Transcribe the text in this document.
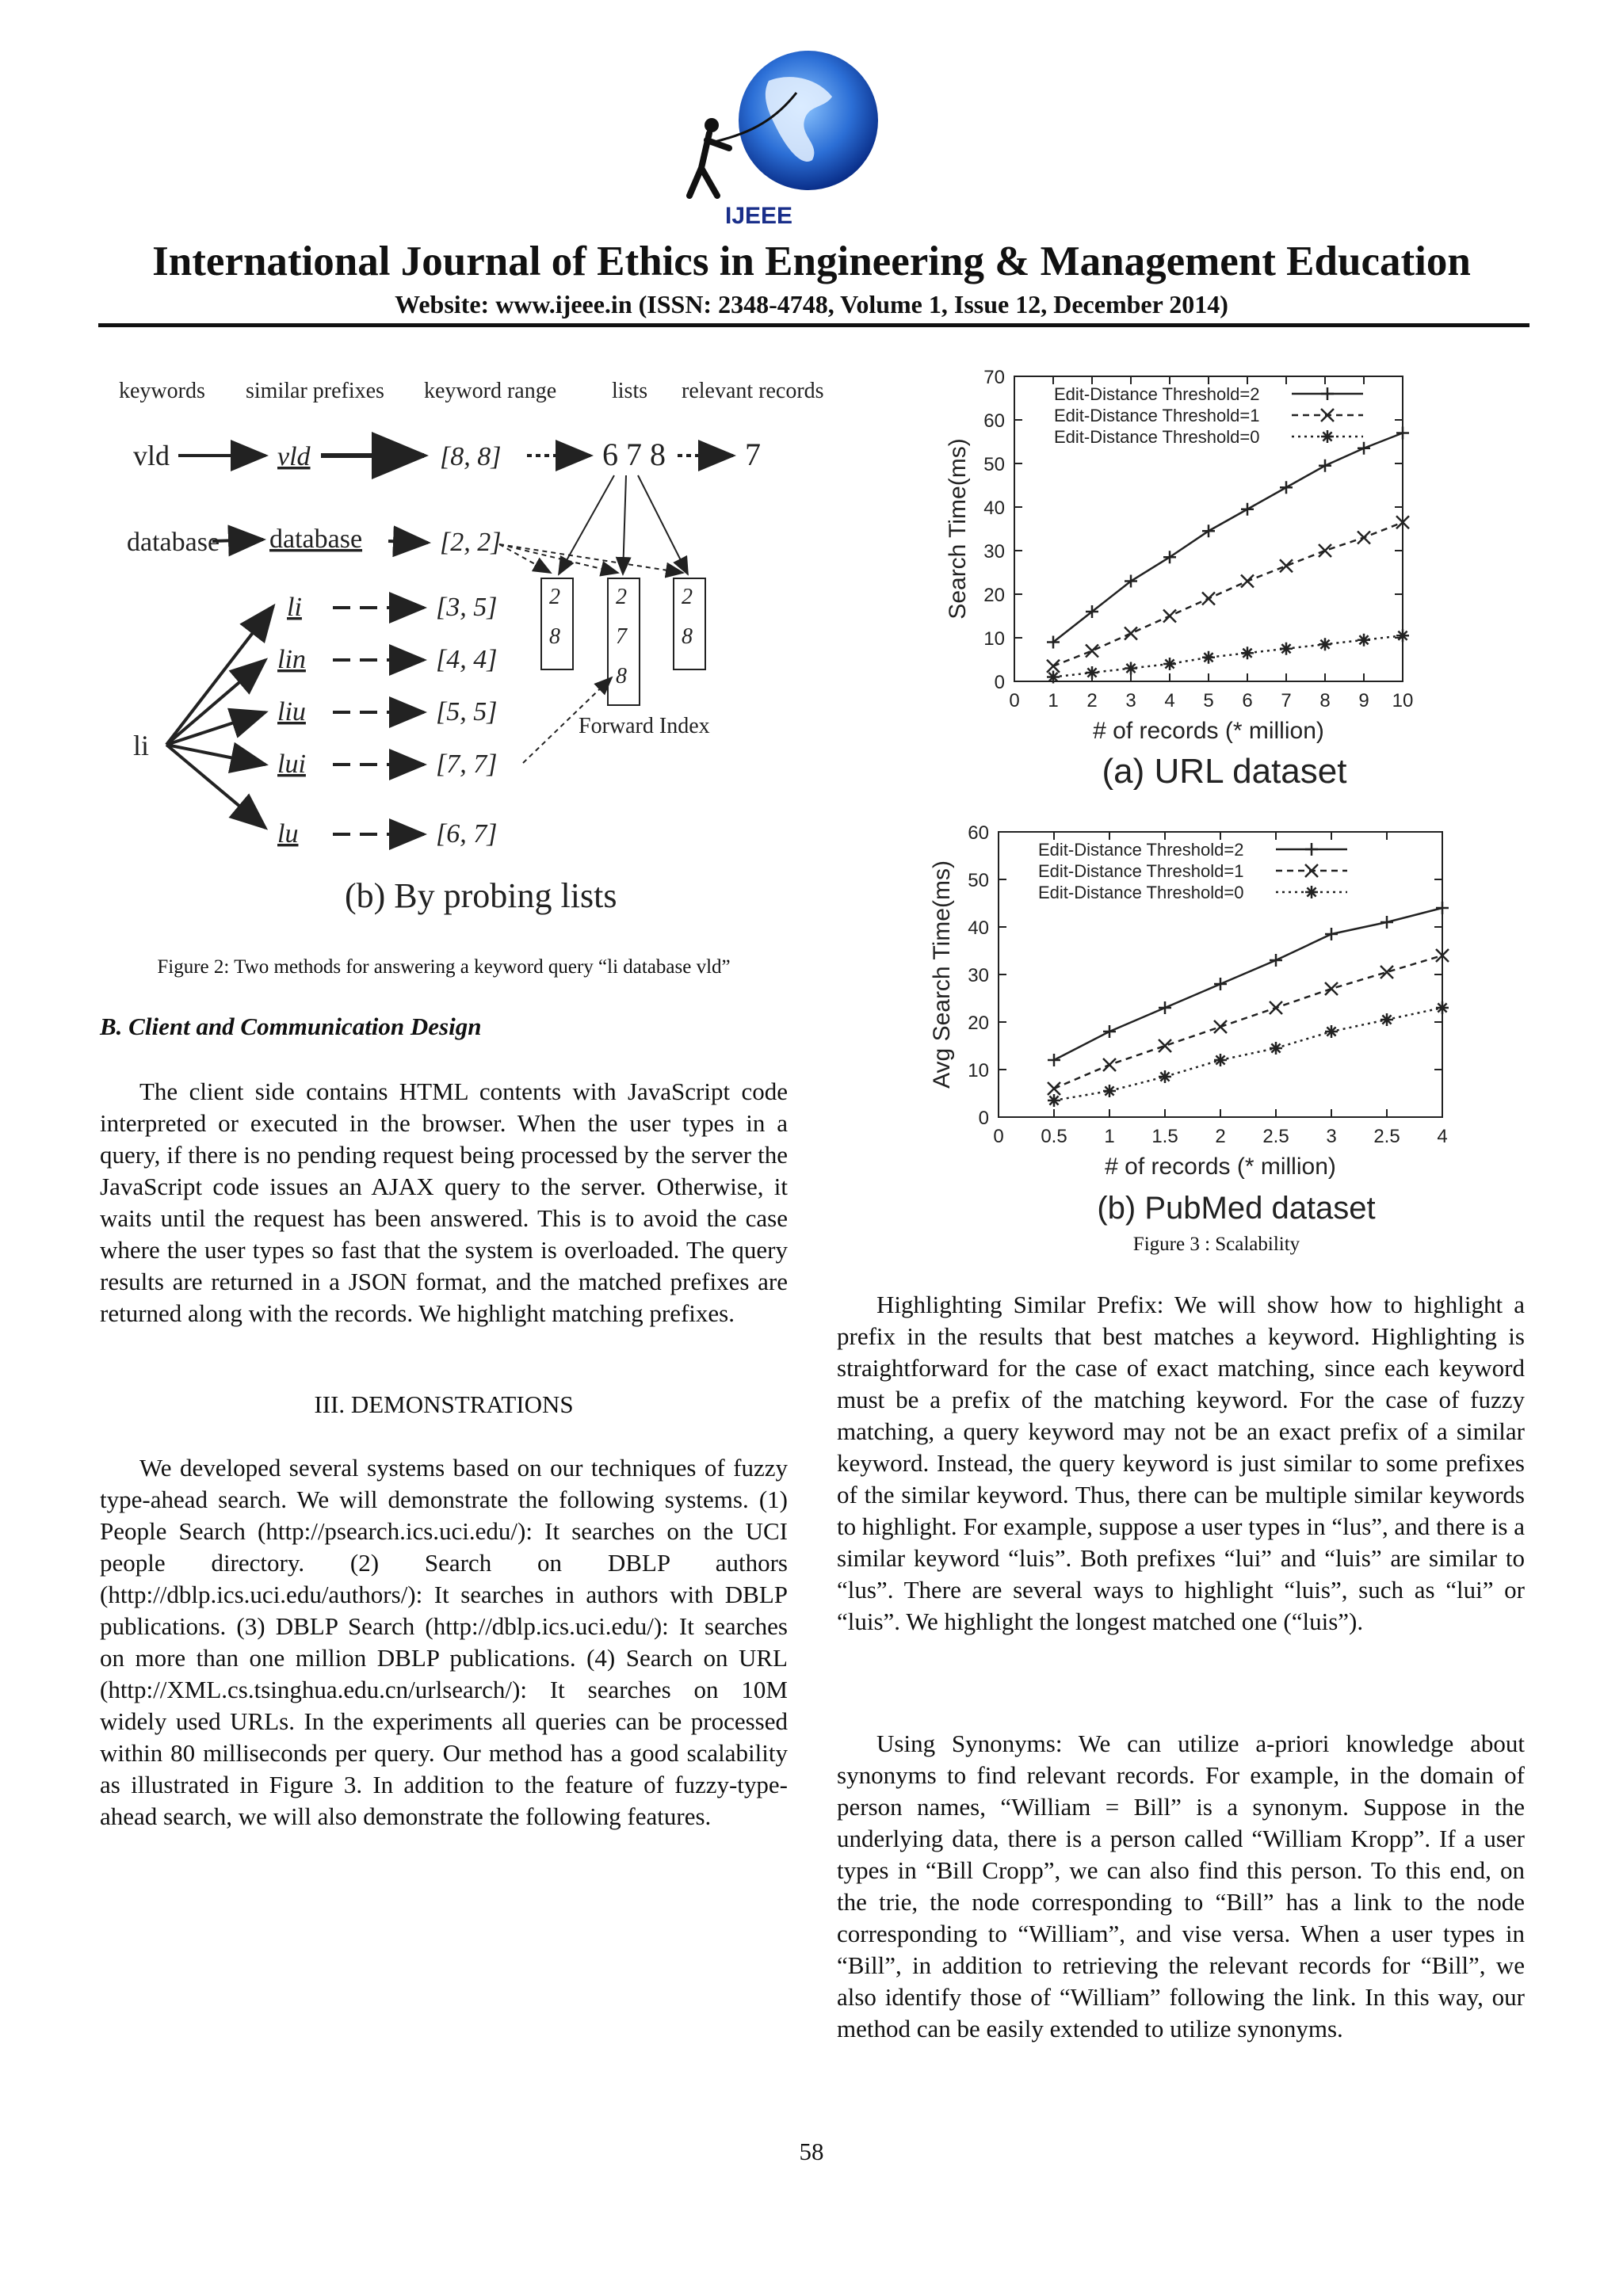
IJEEE
International Journal of Ethics in Engineering & Management Education
Website: www.ijeee.in (ISSN: 2348-4748, Volume 1, Issue 12, December 2014)
keywords similar prefixes keyword range lists relevant records
vld
database
li
vld
database
li
lin
liu
lui
lu
[8, 8]
[2, 2]
[3, 5]
[4, 4]
[5, 5]
[7, 7]
[6, 7]
6 7 8	7
2
8
2
7
8
2
8
Forward Index
(b) By probing lists
Figure 2: Two methods for answering a keyword query “li database vld”
B. Client and Communication Design

The client side contains HTML contents with JavaScript code interpreted or executed in the browser. When the user types in a query, if there is no pending request being processed by the server the JavaScript code issues an AJAX query to the server. Otherwise, it waits until the request has been answered. This is to avoid the case where the user types so fast that the system is overloaded. The query results are returned in a JSON format, and the matched prefixes are returned along with the records. We highlight matching prefixes.

III. DEMONSTRATIONS

We developed several systems based on our techniques of fuzzy type-ahead search. We will demonstrate the following systems. (1) People Search (http://psearch.ics.uci.edu/): It searches on the UCI people directory. (2) Search on DBLP authors (http://dblp.ics.uci.edu/authors/): It searches in authors with DBLP publications. (3) DBLP Search (http://dblp.ics.uci.edu/): It searches on more than one million DBLP publications. (4) Search on URL (http://XML.cs.tsinghua.edu.cn/urlsearch/): It searches on 10M widely used URLs. In the experiments all queries can be processed within 80 milliseconds per query. Our method has a good scalability as illustrated in Figure 3. In addition to the feature of fuzzy-type-ahead search, we will also demonstrate the following features.

0
10
20
30
40
50
60
70
0 1 2 3 4 5 6 7 8 9 10
# of records (* million)
Search Time(ms)
(a) URL dataset
Edit-Distance Threshold=2
Edit-Distance Threshold=1
Edit-Distance Threshold=0
0
10
20
30
40
50
60
0 0.5 1 1.5 2 2.5 3 2.5 4
# of records (* million)
Avg Search Time(ms)
(b) PubMed dataset
Edit-Distance Threshold=2
Edit-Distance Threshold=1
Edit-Distance Threshold=0
Figure 3 : Scalability

Highlighting Similar Prefix: We will show how to highlight a prefix in the results that best matches a keyword. Highlighting is straightforward for the case of exact matching, since each keyword must be a prefix of the matching keyword. For the case of fuzzy matching, a query keyword may not be an exact prefix of a similar keyword. Instead, the query keyword is just similar to some prefixes of the similar keyword. Thus, there can be multiple similar keywords to highlight. For example, suppose a user types in “lus”, and there is a similar keyword “luis”. Both prefixes “lui” and “luis” are similar to “lus”. There are several ways to highlight “luis”, such as “lui” or “luis”. We highlight the longest matched one (“luis”).

Using Synonyms: We can utilize a-priori knowledge about synonyms to find relevant records. For example, in the domain of person names, “William = Bill” is a synonym. Suppose in the underlying data, there is a person called “William Kropp”. If a user types in “Bill Cropp”, we can also find this person. To this end, on the trie, the node corresponding to “Bill” has a link to the node corresponding to “William”, and vise versa. When a user types in “Bill”, in addition to retrieving the relevant records for “Bill”, we also identify those of “William” following the link. In this way, our method can be easily extended to utilize synonyms.

58
